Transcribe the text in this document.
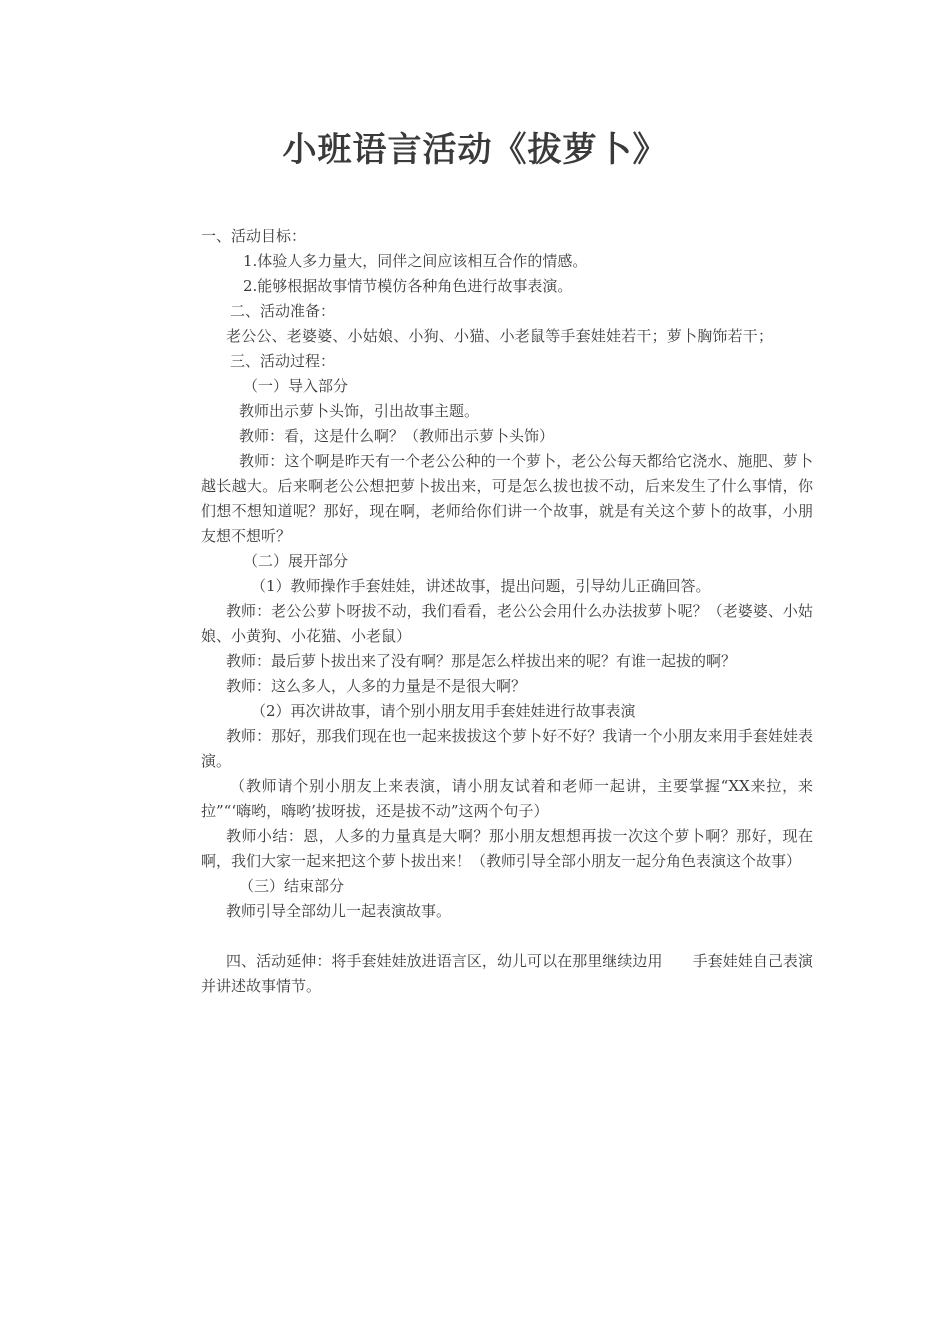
小班语言活动《拔萝卜》
一、活动目标：
1.体验人多力量大，同伴之间应该相互合作的情感。
2.能够根据故事情节模仿各种角色进行故事表演。
二、活动准备：
老公公、老婆婆、小姑娘、小狗、小猫、小老鼠等手套娃娃若干；萝卜胸饰若干；
三、活动过程：
（一）导入部分
教师出示萝卜头饰，引出故事主题。
教师：看，这是什么啊？（教师出示萝卜头饰）
教师：这个啊是昨天有一个老公公种的一个萝卜，老公公每天都给它浇水、施肥、萝卜越长越大。后来啊老公公想把萝卜拔出来，可是怎么拔也拔不动，后来发生了什么事情，你们想不想知道呢？那好，现在啊，老师给你们讲一个故事，就是有关这个萝卜的故事，小朋友想不想听？
（二）展开部分
（1）教师操作手套娃娃，讲述故事，提出问题，引导幼儿正确回答。
教师：老公公萝卜呀拔不动，我们看看，老公公会用什么办法拔萝卜呢？（老婆婆、小姑娘、小黄狗、小花猫、小老鼠）
教师：最后萝卜拔出来了没有啊？那是怎么样拔出来的呢？有谁一起拔的啊？
教师：这么多人，人多的力量是不是很大啊？
（2）再次讲故事，请个别小朋友用手套娃娃进行故事表演
教师：那好，那我们现在也一起来拔拔这个萝卜好不好？我请一个小朋友来用手套娃娃表演。
（教师请个别小朋友上来表演，请小朋友试着和老师一起讲，主要掌握“XX来拉，来拉”“‘嗨哟，嗨哟’拔呀拔，还是拔不动”这两个句子）
教师小结：恩，人多的力量真是大啊？那小朋友想想再拔一次这个萝卜啊？那好，现在啊，我们大家一起来把这个萝卜拔出来！（教师引导全部小朋友一起分角色表演这个故事）
（三）结束部分
教师引导全部幼儿一起表演故事。
四、活动延伸：将手套娃娃放进语言区，幼儿可以在那里继续边用　　手套娃娃自己表演并讲述故事情节。
